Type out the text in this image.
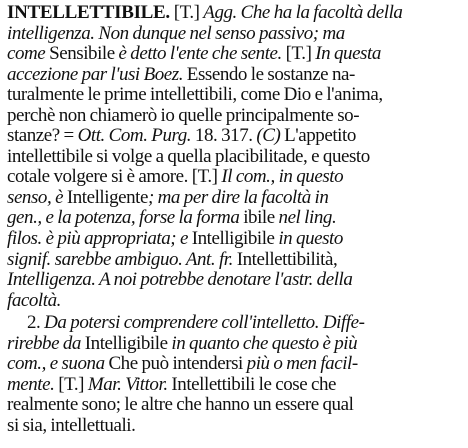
INTELLETTIBILE. [T.] Agg. Che ha la facoltà della
intelligenza. Non dunque nel senso passivo; ma
come Sensibile è detto l'ente che sente. [T.] In questa
accezione par l'usi Boez. Essendo le sostanze na-
turalmente le prime intellettibili, come Dio e l'anima,
perchè non chiamerò io quelle principalmente so-
stanze? = Ott. Com. Purg. 18. 317. (C) L'appetito
intellettibile si volge a quella placibilitade, e questo
cotale volgere si è amore. [T.] Il com., in questo
senso, è Intelligente; ma per dire la facoltà in
gen., e la potenza, forse la forma ibile nel ling.
filos. è più appropriata; e Intelligibile in questo
signif. sarebbe ambiguo. Ant. fr. Intellettibilità,
Intelligenza. A noi potrebbe denotare l'astr. della
facoltà.
2. Da potersi comprendere coll'intelletto. Diffe-
rirebbe da Intelligibile in quanto che questo è più
com., e suona Che può intendersi più o men facil-
mente. [T.] Mar. Vittor. Intellettibili le cose che
realmente sono; le altre che hanno un essere qual
si sia, intellettuali.
